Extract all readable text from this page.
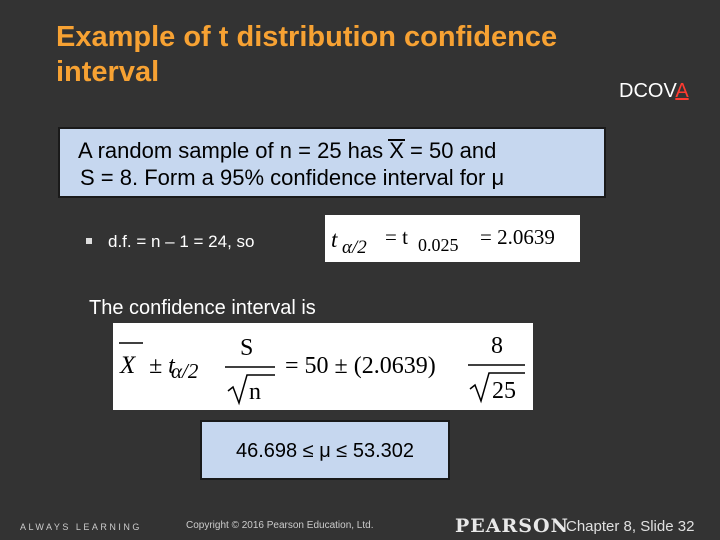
Example of t distribution confidence interval
DCOVA
A random sample of n = 25 has X = 50 and
S = 8. Form a 95% confidence interval for μ
d.f. = n – 1 = 24, so	t α/2 = t 0.025 = 2.0639
The confidence interval is
X ± t
α/2
S
n
= 50 ± (2.0639)
8
25
46.698 ≤ μ ≤ 53.302
ALWAYS LEARNING	Copyright © 2016 Pearson Education, Ltd.	PEARSON
Chapter 8, Slide 32
